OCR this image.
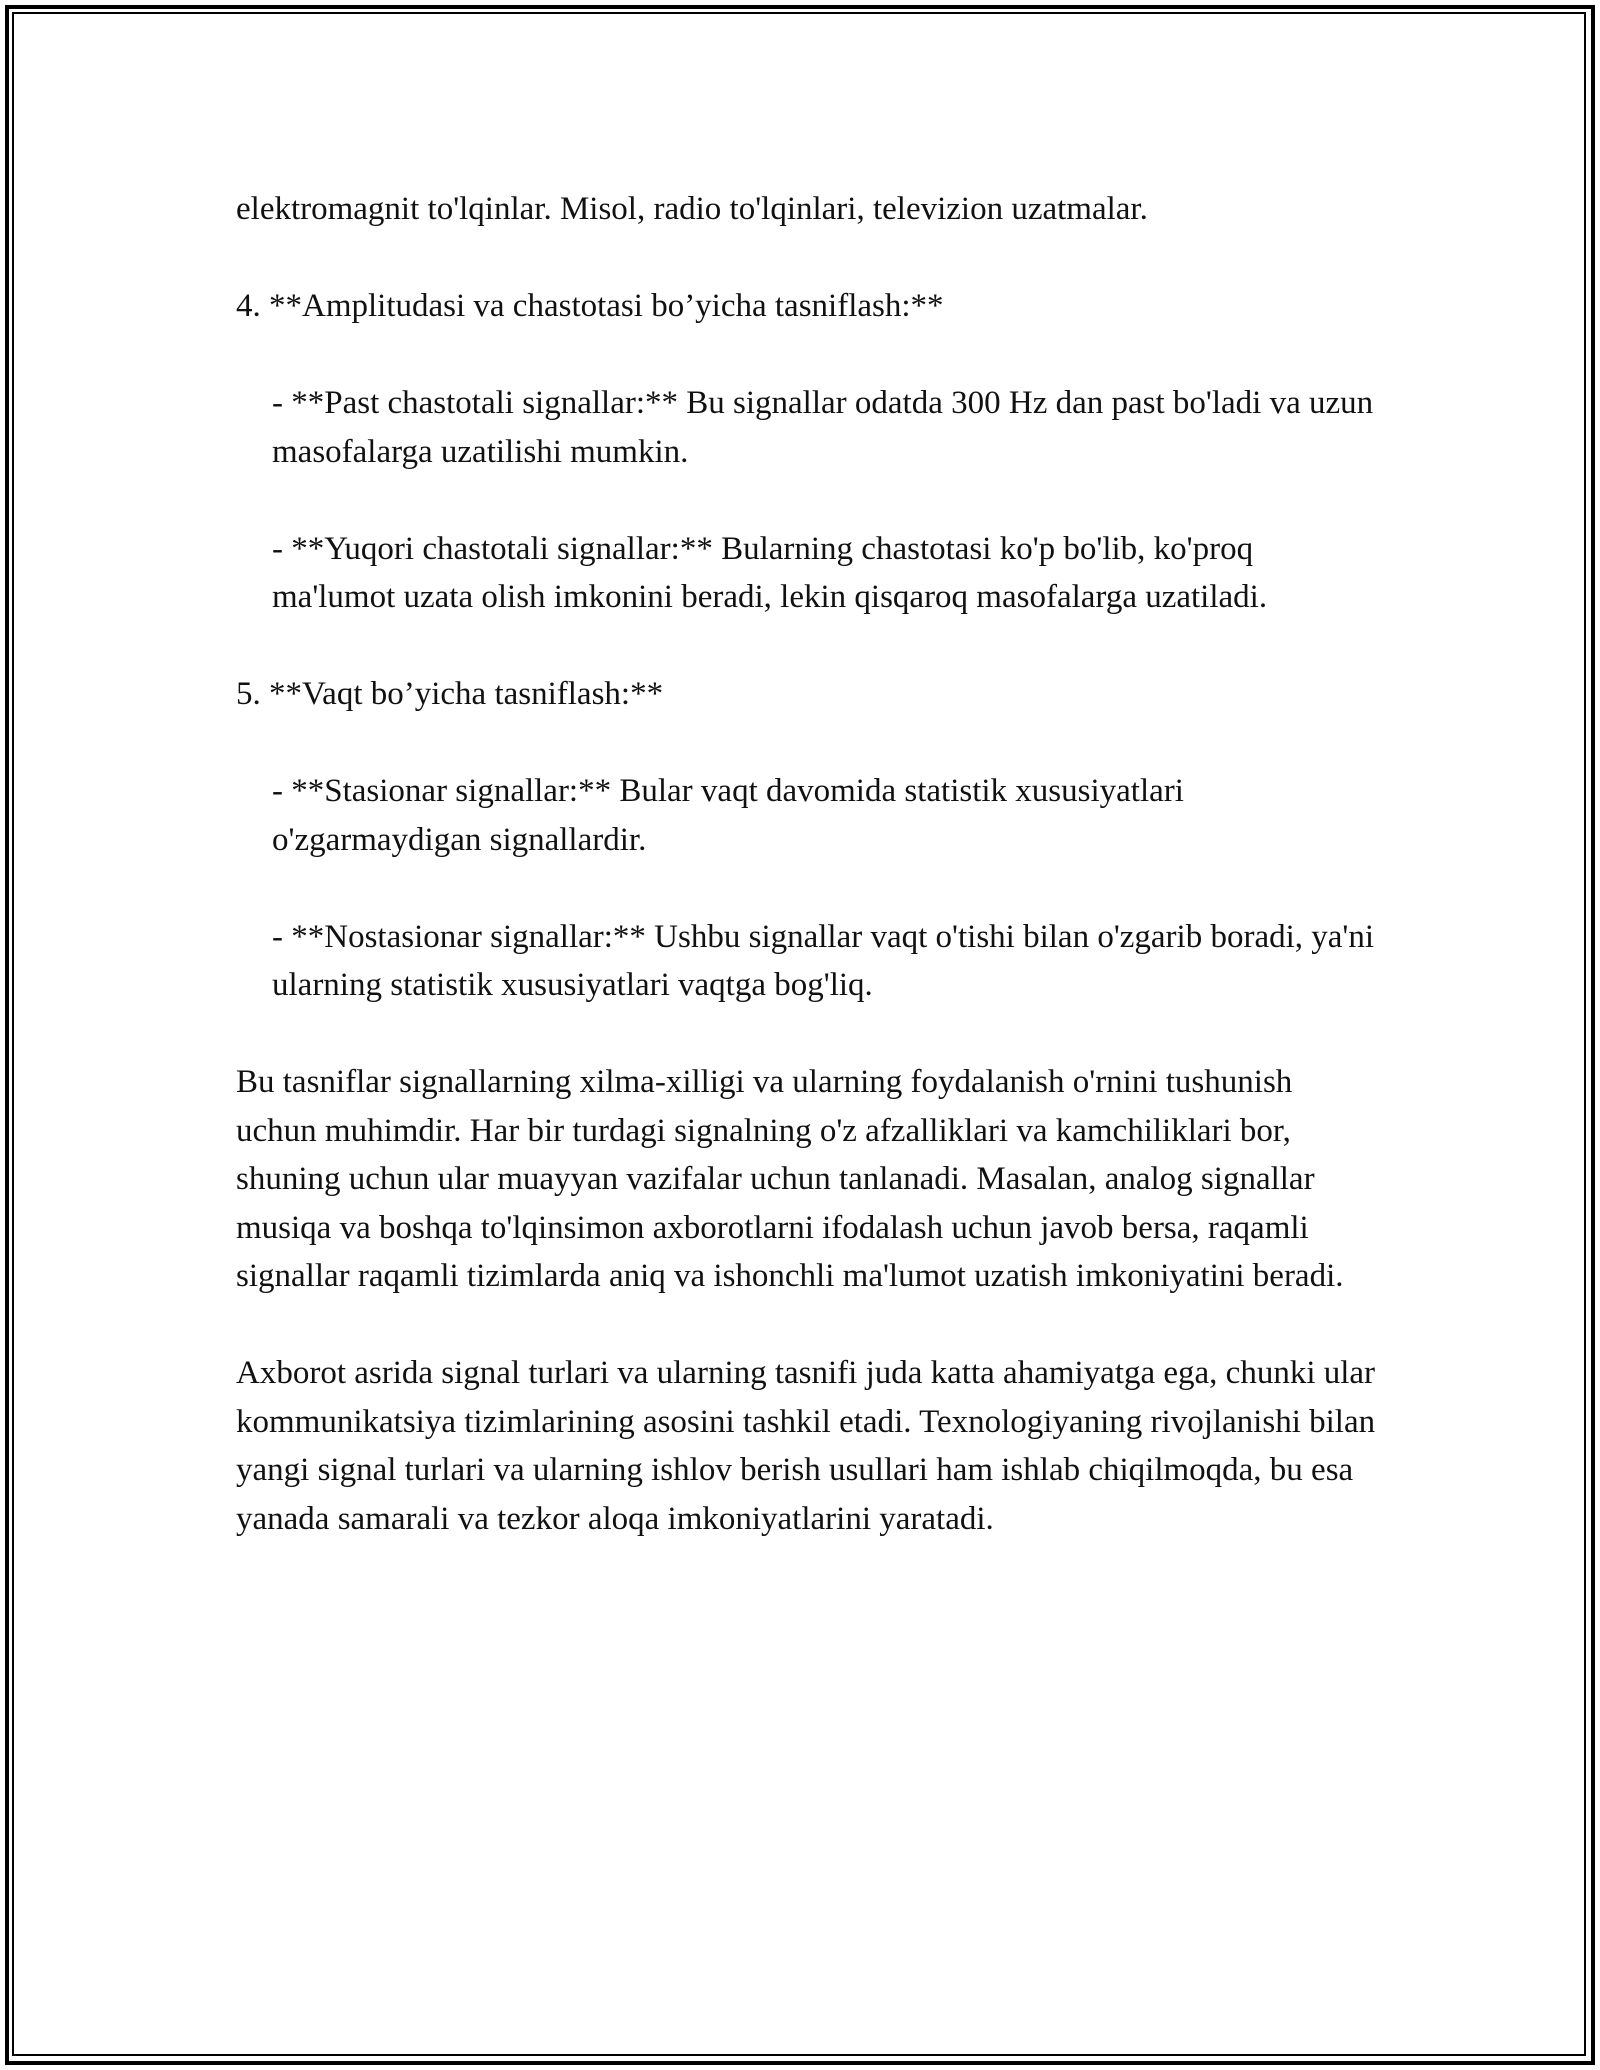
elektromagnit to'lqinlar. Misol, radio to'lqinlari, televizion uzatmalar.

4. **Amplitudasi va chastotasi bo’yicha tasniflash:**

- **Past chastotali signallar:** Bu signallar odatda 300 Hz dan past bo'ladi va uzun masofalarga uzatilishi mumkin.

- **Yuqori chastotali signallar:** Bularning chastotasi ko'p bo'lib, ko'proq ma'lumot uzata olish imkonini beradi, lekin qisqaroq masofalarga uzatiladi.

5. **Vaqt bo’yicha tasniflash:**

- **Stasionar signallar:** Bular vaqt davomida statistik xususiyatlari o'zgarmaydigan signallardir.

- **Nostasionar signallar:** Ushbu signallar vaqt o'tishi bilan o'zgarib boradi, ya'ni ularning statistik xususiyatlari vaqtga bog'liq.

Bu tasniflar signallarning xilma-xilligi va ularning foydalanish o'rnini tushunish uchun muhimdir. Har bir turdagi signalning o'z afzalliklari va kamchiliklari bor, shuning uchun ular muayyan vazifalar uchun tanlanadi. Masalan, analog signallar musiqa va boshqa to'lqinsimon axborotlarni ifodalash uchun javob bersa, raqamli signallar raqamli tizimlarda aniq va ishonchli ma'lumot uzatish imkoniyatini beradi.

Axborot asrida signal turlari va ularning tasnifi juda katta ahamiyatga ega, chunki ular kommunikatsiya tizimlarining asosini tashkil etadi. Texnologiyaning rivojlanishi bilan yangi signal turlari va ularning ishlov berish usullari ham ishlab chiqilmoqda, bu esa yanada samarali va tezkor aloqa imkoniyatlarini yaratadi.
